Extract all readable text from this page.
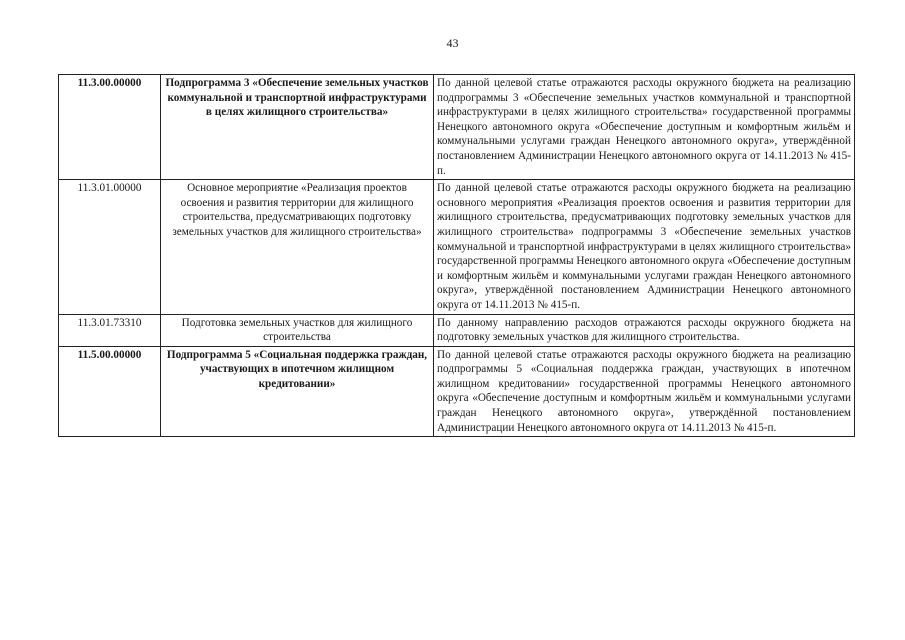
43
11.3.00.00000	Подпрограмма 3 «Обеспечение земельных участков коммунальной и транспортной инфраструктурами в целях жилищного строительства»	По данной целевой статье отражаются расходы окружного бюджета на реализацию подпрограммы 3 «Обеспечение земельных участков коммунальной и транспортной инфраструктурами в целях жилищного строительства» государственной программы Ненецкого автономного округа «Обеспечение доступным и комфортным жильём и коммунальными услугами граждан Ненецкого автономного округа», утверждённой постановлением Администрации Ненецкого автономного округа от 14.11.2013 № 415-п.
11.3.01.00000	Основное мероприятие «Реализация проектов освоения и развития территории для жилищного строительства, предусматривающих подготовку земельных участков для жилищного строительства»	По данной целевой статье отражаются расходы окружного бюджета на реализацию основного мероприятия «Реализация проектов освоения и развития территории для жилищного строительства, предусматривающих подготовку земельных участков для жилищного строительства» подпрограммы 3 «Обеспечение земельных участков коммунальной и транспортной инфраструктурами в целях жилищного строительства» государственной программы Ненецкого автономного округа «Обеспечение доступным и комфортным жильём и коммунальными услугами граждан Ненецкого автономного округа», утверждённой постановлением Администрации Ненецкого автономного округа от 14.11.2013 № 415-п.
11.3.01.73310	Подготовка земельных участков для жилищного строительства	По данному направлению расходов отражаются расходы окружного бюджета на подготовку земельных участков для жилищного строительства.
11.5.00.00000	Подпрограмма 5 «Социальная поддержка граждан, участвующих в ипотечном жилищном кредитовании»	По данной целевой статье отражаются расходы окружного бюджета на реализацию подпрограммы 5 «Социальная поддержка граждан, участвующих в ипотечном жилищном кредитовании» государственной программы Ненецкого автономного округа «Обеспечение доступным и комфортным жильём и коммунальными услугами граждан Ненецкого автономного округа», утверждённой постановлением Администрации Ненецкого автономного округа от 14.11.2013 № 415-п.
